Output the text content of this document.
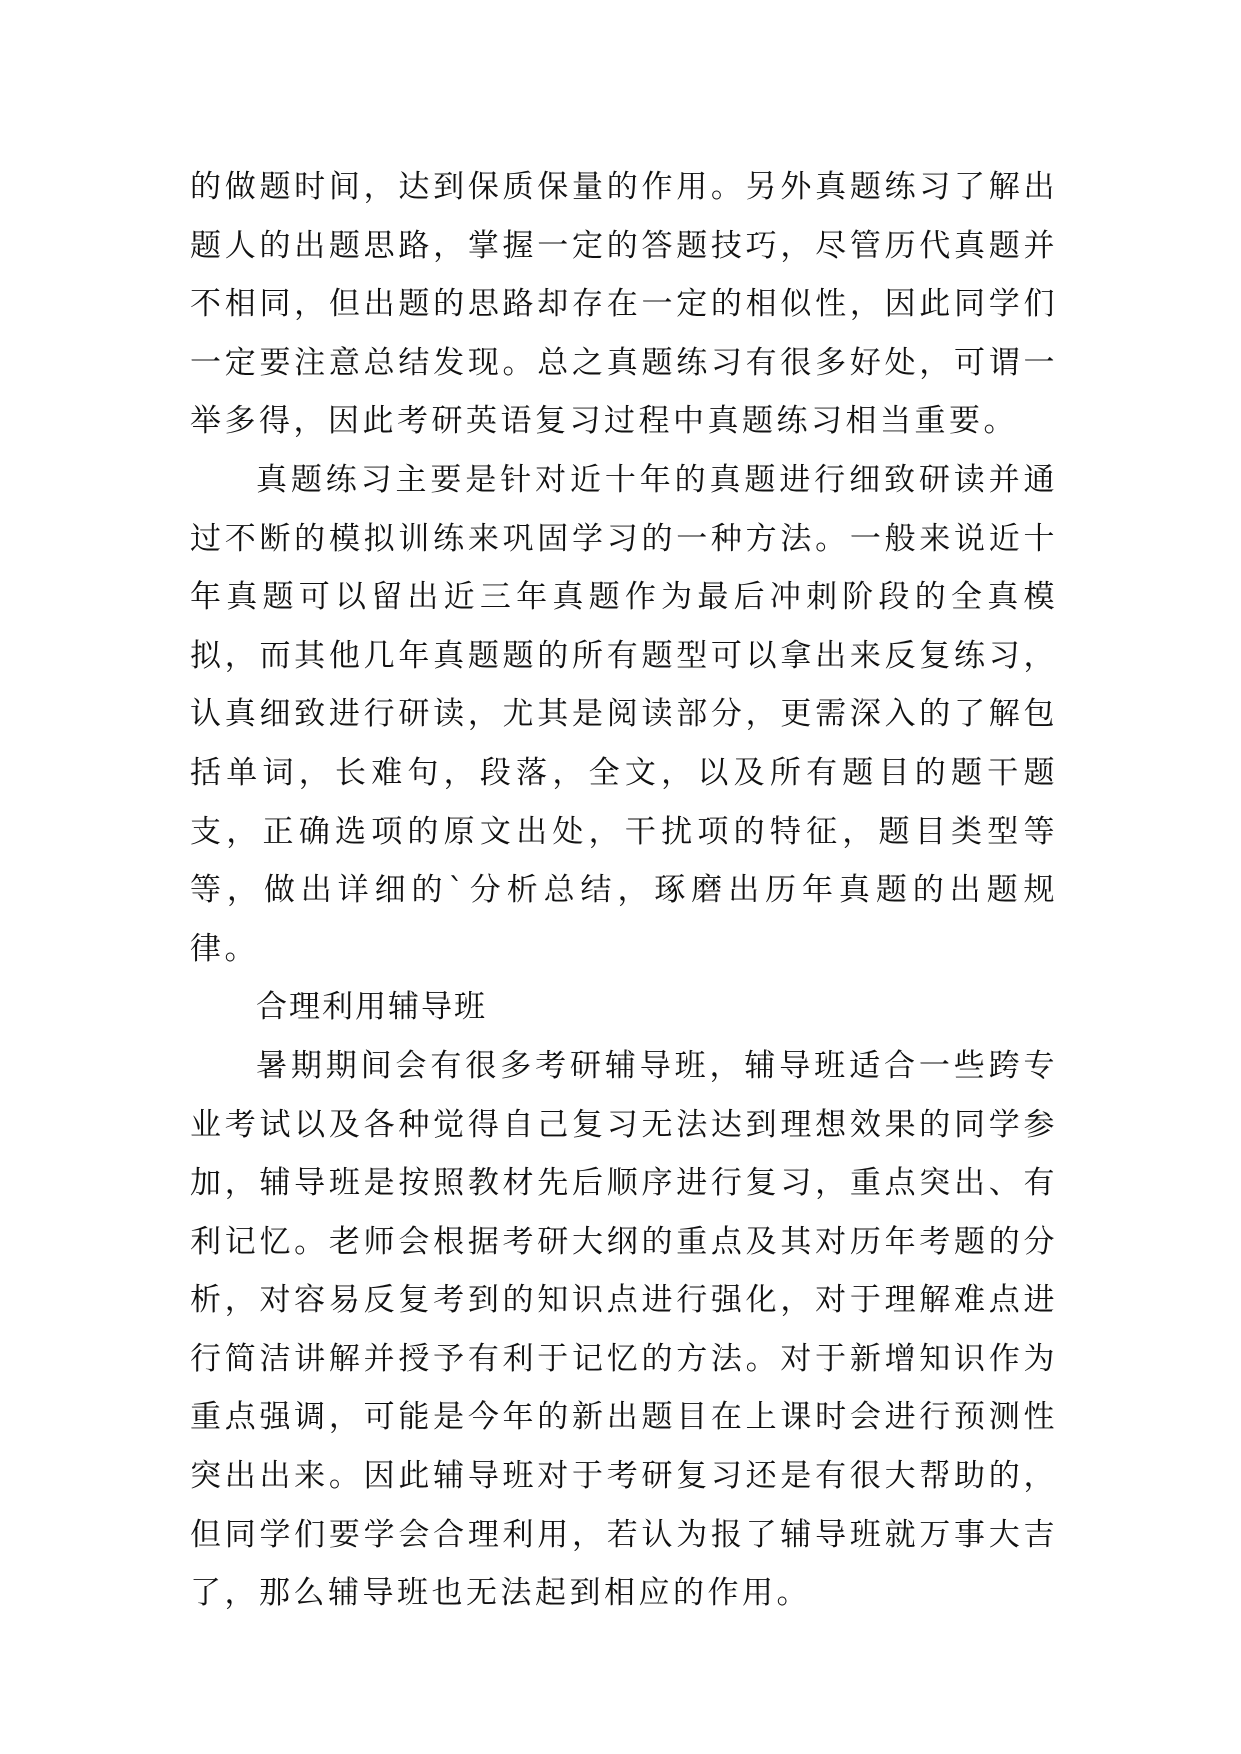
的做题时间，达到保质保量的作用。另外真题练习了解出题人的出题思路，掌握一定的答题技巧，尽管历代真题并不相同，但出题的思路却存在一定的相似性，因此同学们一定要注意总结发现。总之真题练习有很多好处，可谓一举多得，因此考研英语复习过程中真题练习相当重要。

真题练习主要是针对近十年的真题进行细致研读并通过不断的模拟训练来巩固学习的一种方法。一般来说近十年真题可以留出近三年真题作为最后冲刺阶段的全真模拟，而其他几年真题题的所有题型可以拿出来反复练习，认真细致进行研读，尤其是阅读部分，更需深入的了解包括单词，长难句，段落，全文，以及所有题目的题干题支，正确选项的原文出处，干扰项的特征，题目类型等等，做出详细的`分析总结，琢磨出历年真题的出题规律。

合理利用辅导班

暑期期间会有很多考研辅导班，辅导班适合一些跨专业考试以及各种觉得自己复习无法达到理想效果的同学参加，辅导班是按照教材先后顺序进行复习，重点突出、有利记忆。老师会根据考研大纲的重点及其对历年考题的分析，对容易反复考到的知识点进行强化，对于理解难点进行简洁讲解并授予有利于记忆的方法。对于新增知识作为重点强调，可能是今年的新出题目在上课时会进行预测性突出出来。因此辅导班对于考研复习还是有很大帮助的，但同学们要学会合理利用，若认为报了辅导班就万事大吉了，那么辅导班也无法起到相应的作用。
